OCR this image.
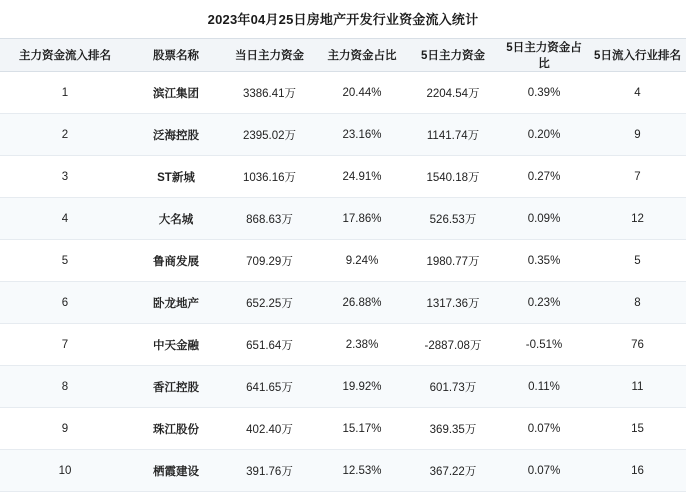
2023年04月25日房地产开发行业资金流入统计
主力资金流入排名	股票名称	当日主力资金	主力资金占比	5日主力资金	5日主力资金占比	5日流入行业排名
1	滨江集团	3386.41万	20.44%	2204.54万	0.39%	4
2	泛海控股	2395.02万	23.16%	1141.74万	0.20%	9
3	ST新城	1036.16万	24.91%	1540.18万	0.27%	7
4	大名城	868.63万	17.86%	526.53万	0.09%	12
5	鲁商发展	709.29万	9.24%	1980.77万	0.35%	5
6	卧龙地产	652.25万	26.88%	1317.36万	0.23%	8
7	中天金融	651.64万	2.38%	-2887.08万	-0.51%	76
8	香江控股	641.65万	19.92%	601.73万	0.11%	11
9	珠江股份	402.40万	15.17%	369.35万	0.07%	15
10	栖霞建设	391.76万	12.53%	367.22万	0.07%	16
